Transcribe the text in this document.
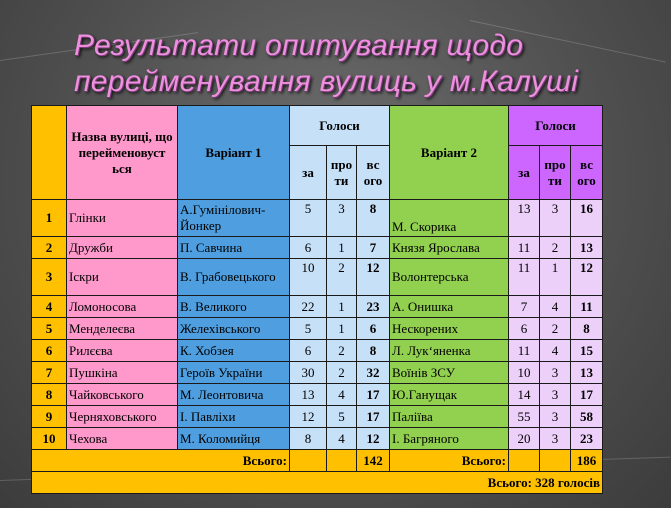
Результати опитування щодо
перейменування вулиць у м.Калуші
	Назва вулиці, що перейменовуст ься	Варіант 1	Голоси			Варіант 2	Голоси		
			за	про ти	вс ого		за	про ти	вс ого
1	Глінки	А.Гумінілович-Йонкер	5	3	8	М. Скорика	13	3	16
2	Дружби	П. Савчина	6	1	7	Князя Ярослава	11	2	13
3	Іскри	В. Грабовецького	10	2	12	Волонтерська	11	1	12
4	Ломоносова	В. Великого	22	1	23	А. Онишка	7	4	11
5	Менделеєва	Желехівського	5	1	6	Нескорених	6	2	8
6	Рилєєва	К. Хобзея	6	2	8	Л. Лук‘яненка	11	4	15
7	Пушкіна	Героїв України	30	2	32	Воїнів ЗСУ	10	3	13
8	Чайковського	М. Леонтовича	13	4	17	Ю.Ганущак	14	3	17
9	Черняховського	І. Павліхи	12	5	17	Паліїва	55	3	58
10	Чехова	М. Коломийця	8	4	12	І. Багряного	20	3	23
Всього:					142	Всього:			186
Всього: 328 голосів									
